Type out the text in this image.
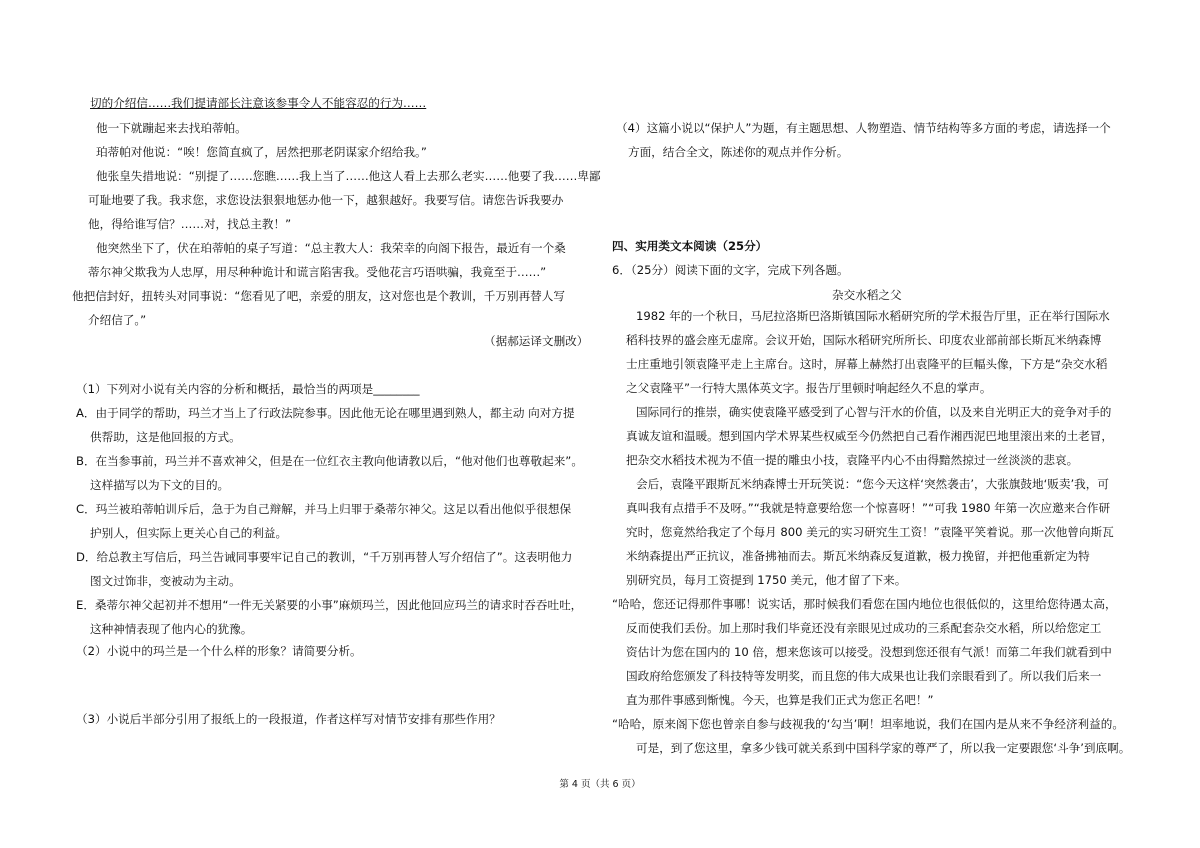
切的介绍信……我们提请部长注意该参事令人不能容忍的行为……
他一下就蹦起来去找珀蒂帕。
珀蒂帕对他说：“唉！您简直疯了，居然把那老阴谋家介绍给我。”
他张皇失措地说：“别提了……您瞧……我上当了……他这人看上去那么老实……他要了我……卑鄙
可耻地要了我。我求您，求您设法狠狠地惩办他一下，越狠越好。我要写信。请您告诉我要办
他，得给谁写信？……对，找总主教！”
他突然坐下了，伏在珀蒂帕的桌子写道：“总主教大人：我荣幸的向阁下报告，最近有一个桑
蒂尔神父欺我为人忠厚，用尽种种诡计和谎言陷害我。受他花言巧语哄骗，我竟至于……”
他把信封好，扭转头对同事说：“您看见了吧，亲爱的朋友，这对您也是个教训，千万别再替人写
介绍信了。”
（据郝运译文删改）
（1）下列对小说有关内容的分析和概括，最恰当的两项是________
A．由于同学的帮助，玛兰才当上了行政法院参事。因此他无论在哪里遇到熟人，都主动 向对方提
供帮助，这是他回报的方式。
B．在当参事前，玛兰并不喜欢神父，但是在一位红衣主教向他请教以后，“他对他们也尊敬起来”。
这样描写以为下文的目的。
C．玛兰被珀蒂帕训斥后，急于为自己辩解，并马上归罪于桑蒂尔神父。这足以看出他似乎很想保
护别人，但实际上更关心自己的利益。
D．给总教主写信后，玛兰告诫同事要牢记自己的教训，“千万别再替人写介绍信了”。这表明他力
图文过饰非，变被动为主动。
E．桑蒂尔神父起初并不想用“一件无关紧要的小事”麻烦玛兰，因此他回应玛兰的请求时吞吞吐吐，
这种神情表现了他内心的犹豫。
（2）小说中的玛兰是一个什么样的形象？请简要分析。
（3）小说后半部分引用了报纸上的一段报道，作者这样写对情节安排有那些作用？
（4）这篇小说以“保护人”为题，有主题思想、人物塑造、情节结构等多方面的考虑，请选择一个
方面，结合全文，陈述你的观点并作分析。
四、实用类文本阅读（25分）
6．（25分）阅读下面的文字，完成下列各题。
杂交水稻之父
1982 年的一个秋日，马尼拉洛斯巴洛斯镇国际水稻研究所的学术报告厅里，正在举行国际水
稻科技界的盛会座无虚席。会议开始，国际水稻研究所所长、印度农业部前部长斯瓦米纳森博
士庄重地引领袁隆平走上主席台。这时，屏幕上赫然打出袁隆平的巨幅头像，下方是“杂交水稻
之父袁隆平”一行特大黑体英文字。报告厅里顿时响起经久不息的掌声。
国际同行的推崇，确实使袁隆平感受到了心智与汗水的价值，以及来自光明正大的竞争对手的
真诚友谊和温暖。想到国内学术界某些权威至今仍然把自己看作湘西泥巴地里滚出来的土老冒，
把杂交水稻技术视为不值一提的雕虫小技，袁隆平内心不由得黯然掠过一丝淡淡的悲哀。
会后，袁隆平跟斯瓦米纳森博士开玩笑说：“您今天这样‘突然袭击’，大张旗鼓地‘贩卖’我，可
真叫我有点措手不及呀。”“我就是特意要给您一个惊喜呀！”“可我 1980 年第一次应邀来合作研
究时，您竟然给我定了个每月 800 美元的实习研究生工资！”袁隆平笑着说。那一次他曾向斯瓦
米纳森提出严正抗议，准备拂袖而去。斯瓦米纳森反复道歉，极力挽留，并把他重新定为特
别研究员，每月工资提到 1750 美元，他才留了下来。
“哈哈，您还记得那件事哪！说实话，那时候我们看您在国内地位也很低似的，这里给您待遇太高，
反而使我们丢份。加上那时我们毕竟还没有亲眼见过成功的三系配套杂交水稻，所以给您定工
资估计为您在国内的 10 倍，想来您该可以接受。没想到您还很有气派！而第二年我们就看到中
国政府给您颁发了科技特等发明奖，而且您的伟大成果也让我们亲眼看到了。所以我们后来一
直为那件事感到惭愧。今天，也算是我们正式为您正名吧！”
“哈哈，原来阁下您也曾亲自参与歧视我的‘勾当’啊！坦率地说，我们在国内是从来不争经济利益的。
可是，到了您这里，拿多少钱可就关系到中国科学家的尊严了，所以我一定要跟您‘斗争’到底啊。
第 4 页（共 6 页）
